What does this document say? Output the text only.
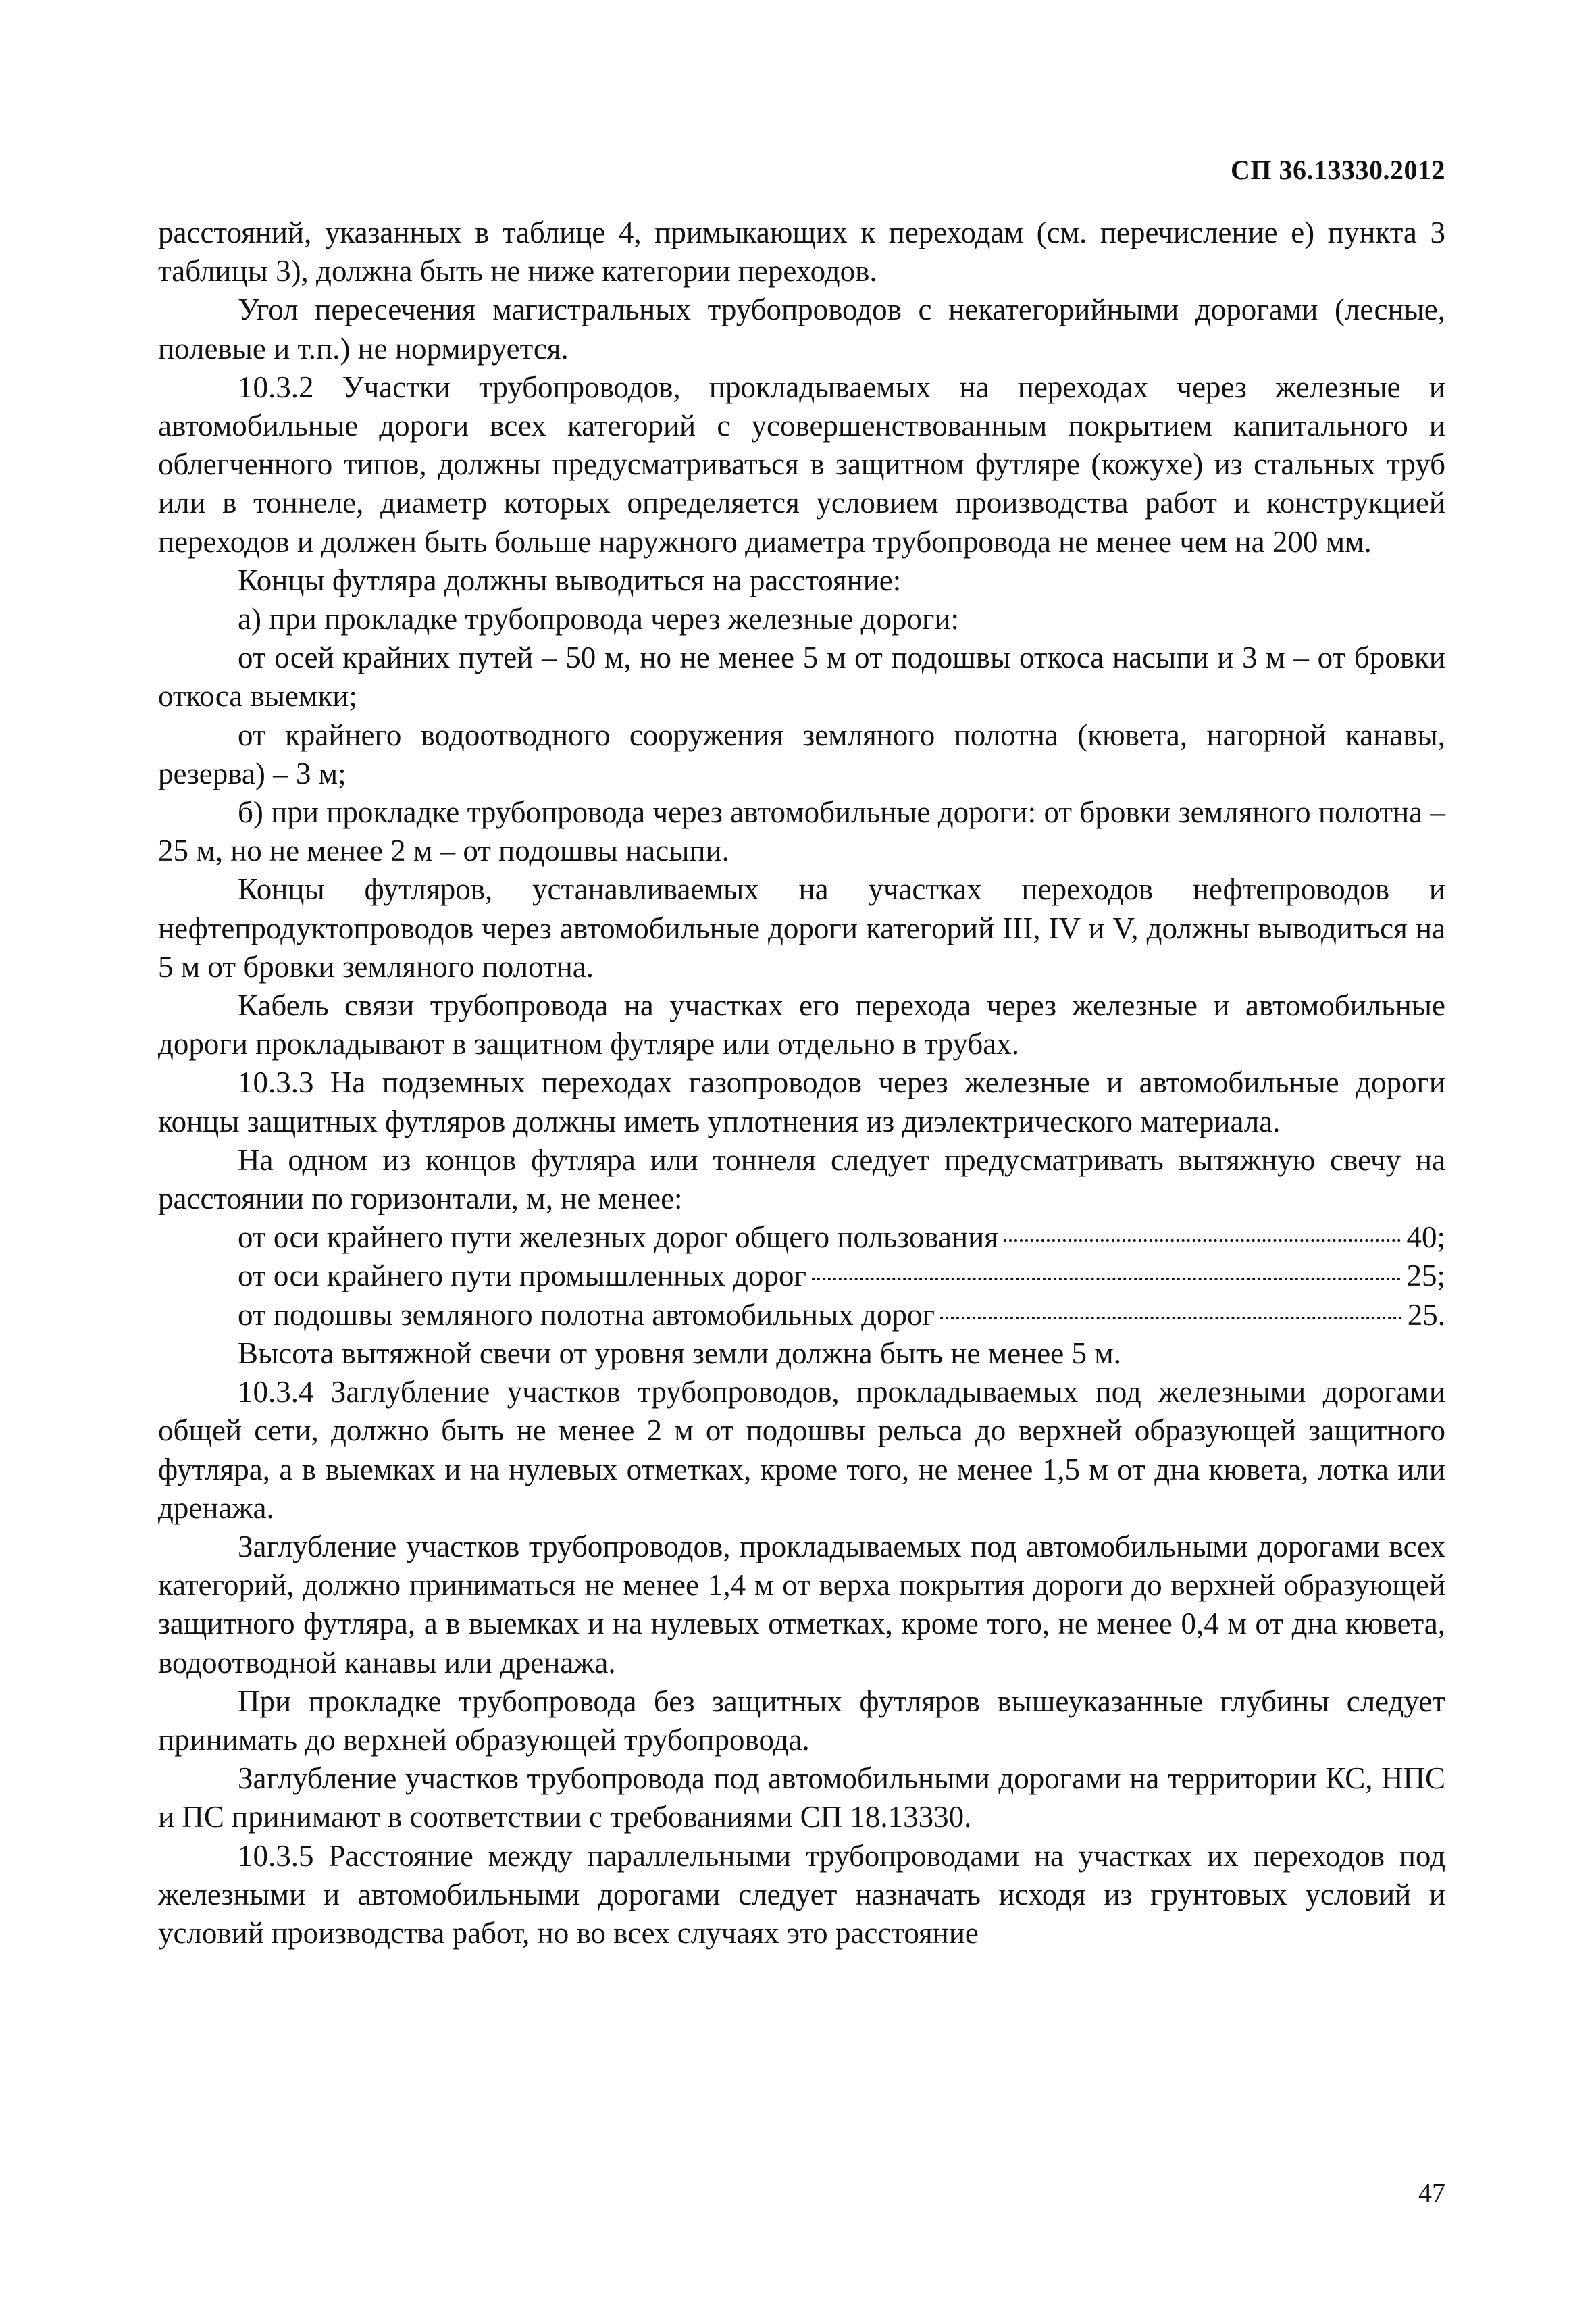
СП 36.13330.2012

расстояний, указанных в таблице 4, примыкающих к переходам (см. перечисление е) пункта 3 таблицы 3), должна быть не ниже категории переходов.

Угол пересечения магистральных трубопроводов с некатегорийными дорогами (лесные, полевые и т.п.) не нормируется.

10.3.2 Участки трубопроводов, прокладываемых на переходах через железные и автомобильные дороги всех категорий с усовершенствованным покрытием капитального и облегченного типов, должны предусматриваться в защитном футляре (кожухе) из стальных труб или в тоннеле, диаметр которых определяется условием производства работ и конструкцией переходов и должен быть больше наружного диаметра трубопровода не менее чем на 200 мм.

Концы футляра должны выводиться на расстояние:

а) при прокладке трубопровода через железные дороги:

от осей крайних путей – 50 м, но не менее 5 м от подошвы откоса насыпи и 3 м – от бровки откоса выемки;

от крайнего водоотводного сооружения земляного полотна (кювета, нагорной канавы, резерва) – 3 м;

б) при прокладке трубопровода через автомобильные дороги: от бровки земляного полотна – 25 м, но не менее 2 м – от подошвы насыпи.

Концы футляров, устанавливаемых на участках переходов нефтепроводов и нефтепродуктопроводов через автомобильные дороги категорий III, IV и V, должны выводиться на 5 м от бровки земляного полотна.

Кабель связи трубопровода на участках его перехода через железные и автомобильные дороги прокладывают в защитном футляре или отдельно в трубах.

10.3.3 На подземных переходах газопроводов через железные и автомобильные дороги концы защитных футляров должны иметь уплотнения из диэлектрического материала.

На одном из концов футляра или тоннеля следует предусматривать вытяжную свечу на расстоянии по горизонтали, м, не менее:

от оси крайнего пути железных дорог общего пользования	40;
от оси крайнего пути промышленных дорог	25;
от подошвы земляного полотна автомобильных дорог	25.

Высота вытяжной свечи от уровня земли должна быть не менее 5 м.

10.3.4 Заглубление участков трубопроводов, прокладываемых под железными дорогами общей сети, должно быть не менее 2 м от подошвы рельса до верхней образующей защитного футляра, а в выемках и на нулевых отметках, кроме того, не менее 1,5 м от дна кювета, лотка или дренажа.

Заглубление участков трубопроводов, прокладываемых под автомобильными дорогами всех категорий, должно приниматься не менее 1,4 м от верха покрытия дороги до верхней образующей защитного футляра, а в выемках и на нулевых отметках, кроме того, не менее 0,4 м от дна кювета, водоотводной канавы или дренажа.

При прокладке трубопровода без защитных футляров вышеуказанные глубины следует принимать до верхней образующей трубопровода.

Заглубление участков трубопровода под автомобильными дорогами на территории КС, НПС и ПС принимают в соответствии с требованиями СП 18.13330.

10.3.5 Расстояние между параллельными трубопроводами на участках их переходов под железными и автомобильными дорогами следует назначать исходя из грунтовых условий и условий производства работ, но во всех случаях это расстояние

47
